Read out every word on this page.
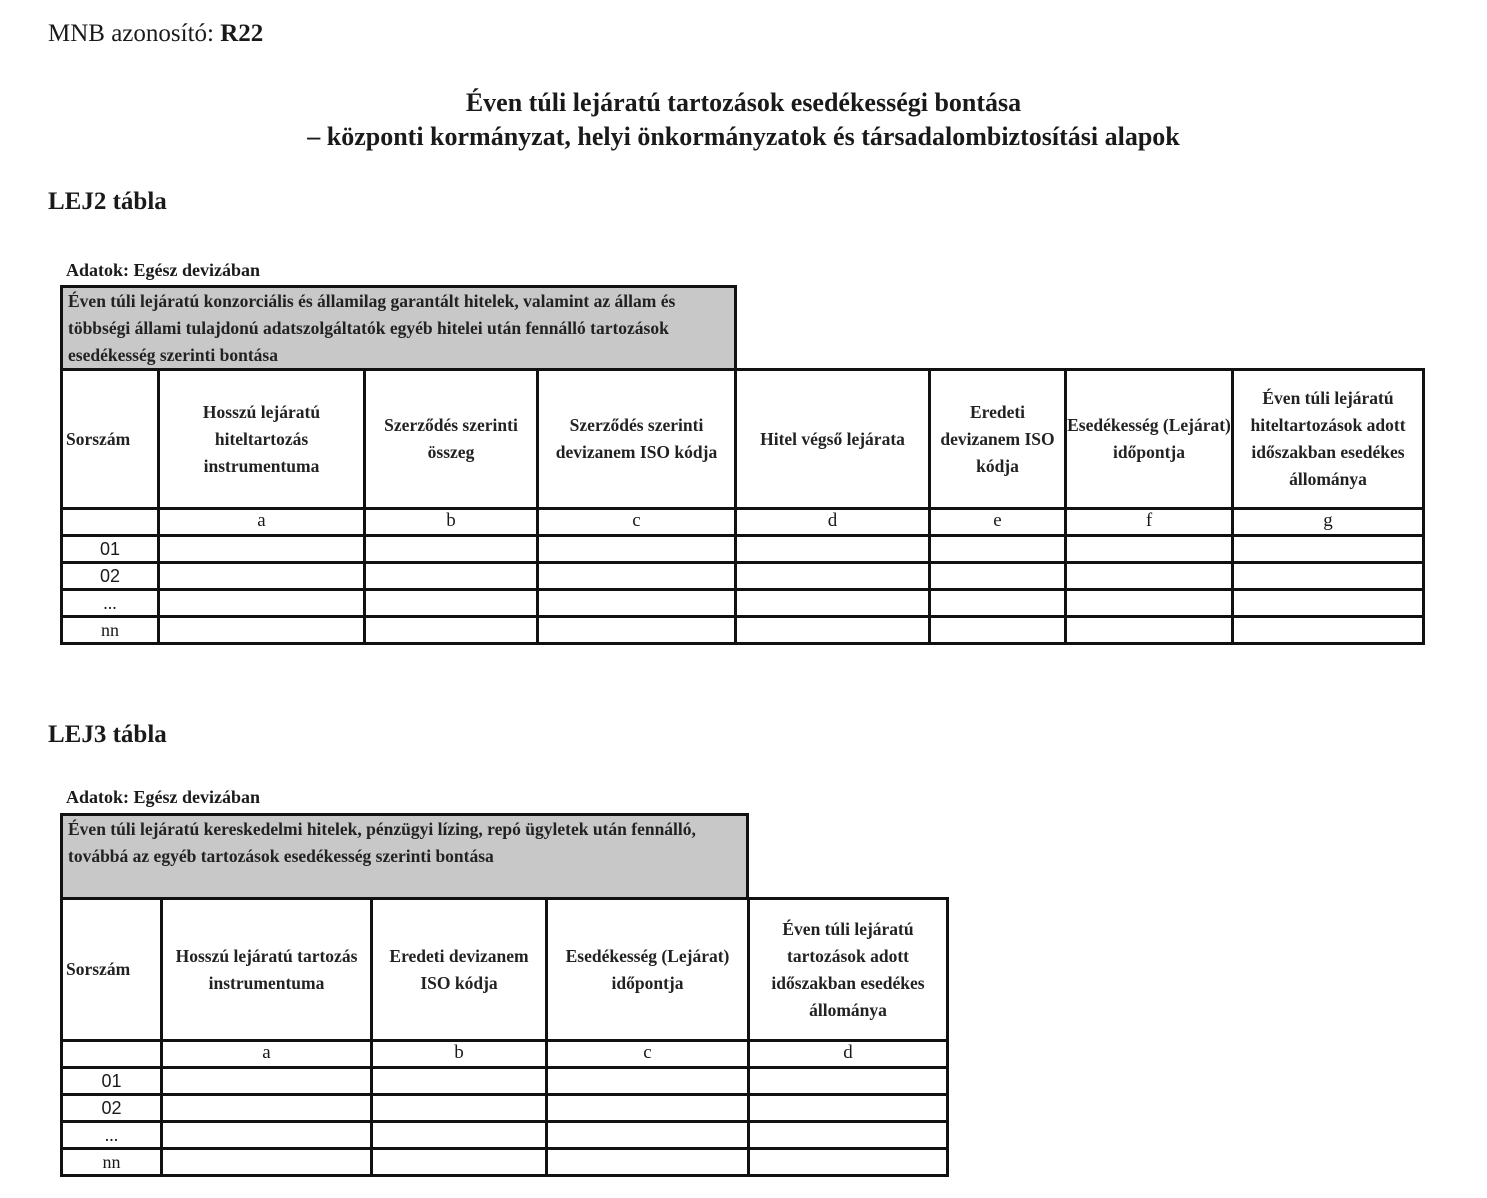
MNB azonosító: R22
Éven túli lejáratú tartozások esedékességi bontása
– központi kormányzat, helyi önkormányzatok és társadalombiztosítási alapok
LEJ2 tábla
Adatok: Egész devizában
Éven túli lejáratú konzorciális és államilag garantált hitelek, valamint az állam és többségi állami tulajdonú adatszolgáltatók egyéb hitelei után fennálló tartozások esedékesség szerinti bontása
Sorszám	Hosszú lejáratú hiteltartozás instrumentuma	Szerződés szerinti összeg	Szerződés szerinti devizanem ISO kódja	Hitel végső lejárata	Eredeti devizanem ISO kódja	Esedékesség (Lejárat) időpontja	Éven túli lejáratú hiteltartozások adott időszakban esedékes állománya
	a	b	c	d	e	f	g
01							
02							
...							
nn							
LEJ3 tábla
Adatok: Egész devizában
Éven túli lejáratú kereskedelmi hitelek, pénzügyi lízing, repó ügyletek után fennálló, továbbá az egyéb tartozások esedékesség szerinti bontása
Sorszám	Hosszú lejáratú tartozás instrumentuma	Eredeti devizanem ISO kódja	Esedékesség (Lejárat) időpontja	Éven túli lejáratú tartozások adott időszakban esedékes állománya
	a	b	c	d
01				
02				
...				
nn				
